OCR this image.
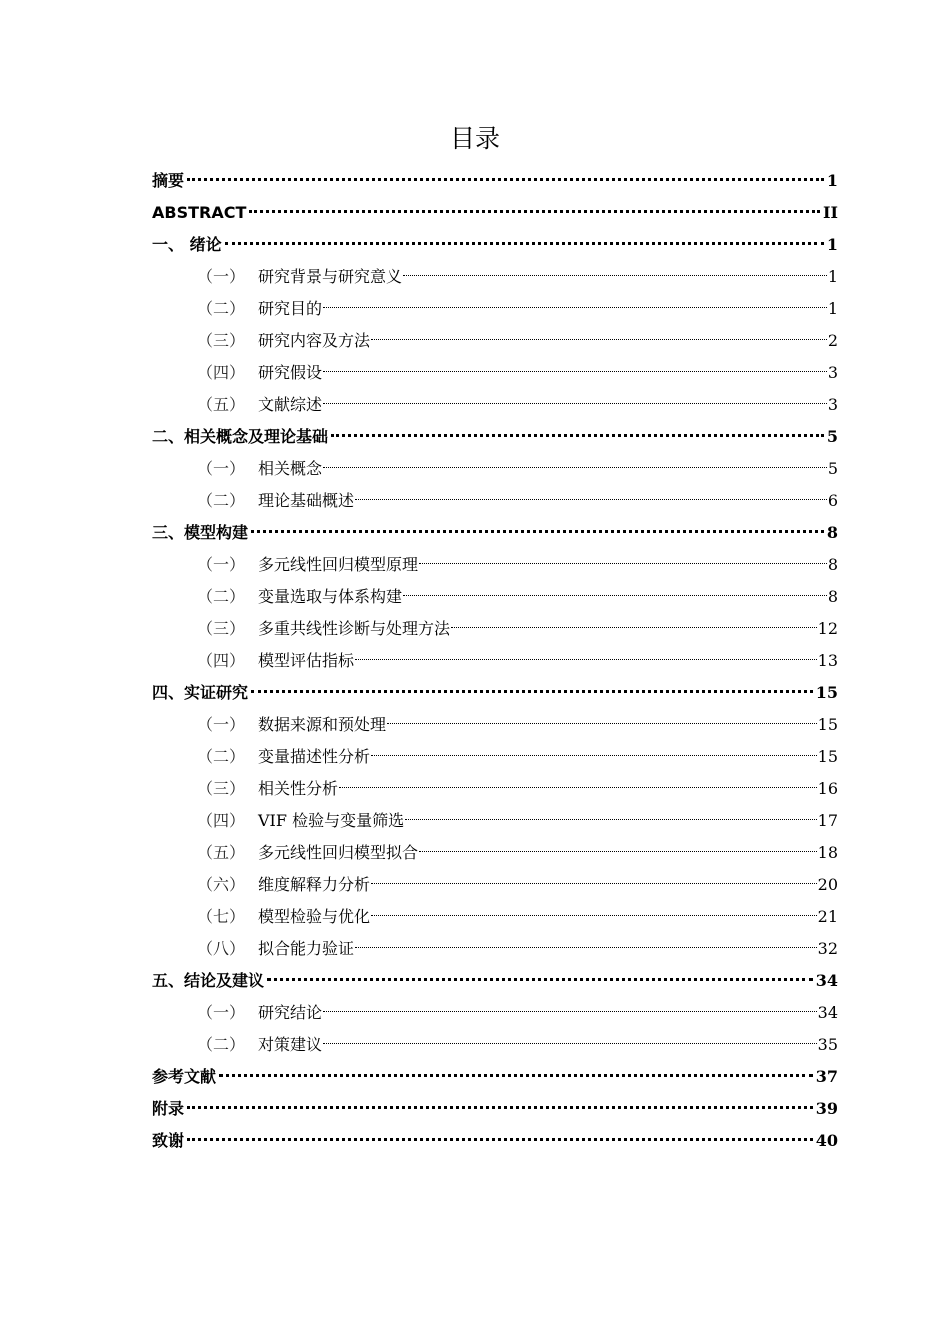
目录
摘要	1
ABSTRACT	II
一、 绪论	1
（一） 研究背景与研究意义	1
（二） 研究目的	1
（三） 研究内容及方法	2
（四） 研究假设	3
（五） 文献综述	3
二、相关概念及理论基础	5
（一） 相关概念	5
（二） 理论基础概述	6
三、模型构建	8
（一） 多元线性回归模型原理	8
（二） 变量选取与体系构建	8
（三） 多重共线性诊断与处理方法	12
（四） 模型评估指标	13
四、实证研究	15
（一） 数据来源和预处理	15
（二） 变量描述性分析	15
（三） 相关性分析	16
（四） VIF 检验与变量筛选	17
（五） 多元线性回归模型拟合	18
（六） 维度解释力分析	20
（七） 模型检验与优化	21
（八） 拟合能力验证	32
五、结论及建议	34
（一） 研究结论	34
（二） 对策建议	35
参考文献	37
附录	39
致谢	40
